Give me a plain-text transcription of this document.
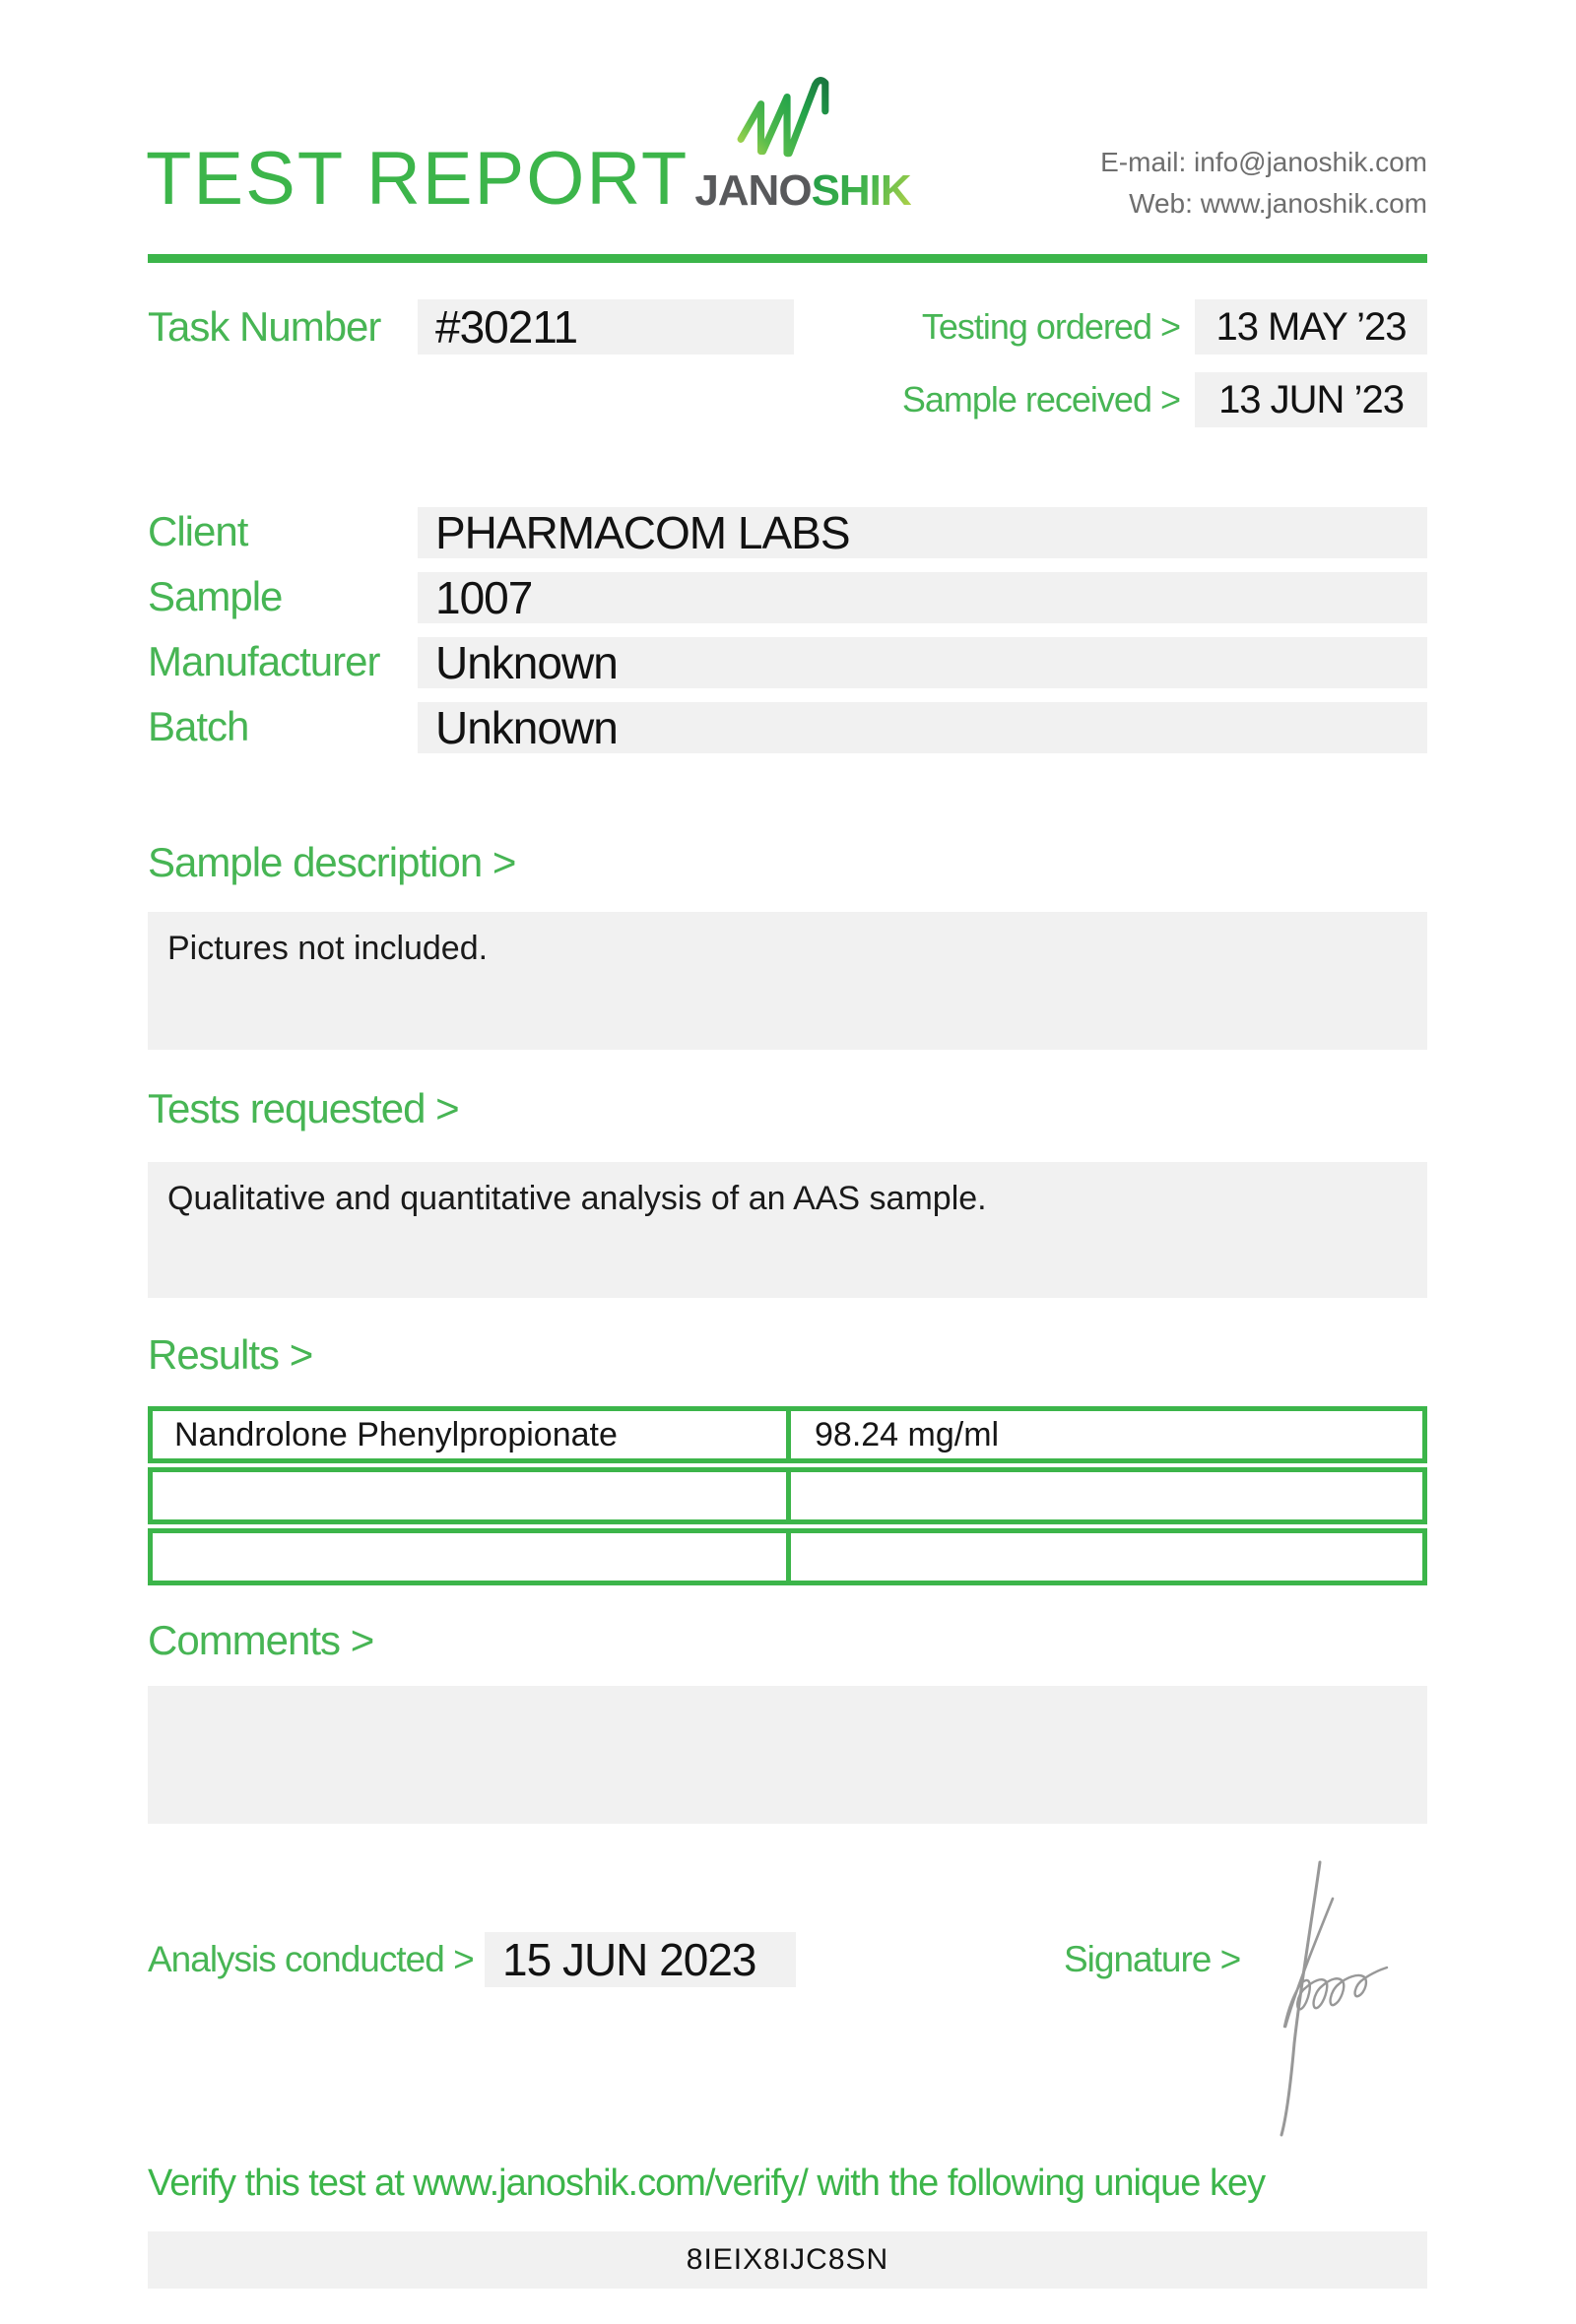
TEST REPORT JANOSHIK
E-mail: info@janoshik.com
Web: www.janoshik.com
Task Number	#30211	Testing ordered > 13 MAY ’23
Sample received > 13 JUN ’23
Client	PHARMACOM LABS
Sample	1007
Manufacturer	Unknown
Batch	Unknown
Sample description >
Pictures not included.
Tests requested >
Qualitative and quantitative analysis of an AAS sample.
Results >
Nandrolone Phenylpropionate	98.24 mg/ml
Comments >
Analysis conducted > 15 JUN 2023	Signature >
Verify this test at www.janoshik.com/verify/ with the following unique key
8IEIX8IJC8SN
